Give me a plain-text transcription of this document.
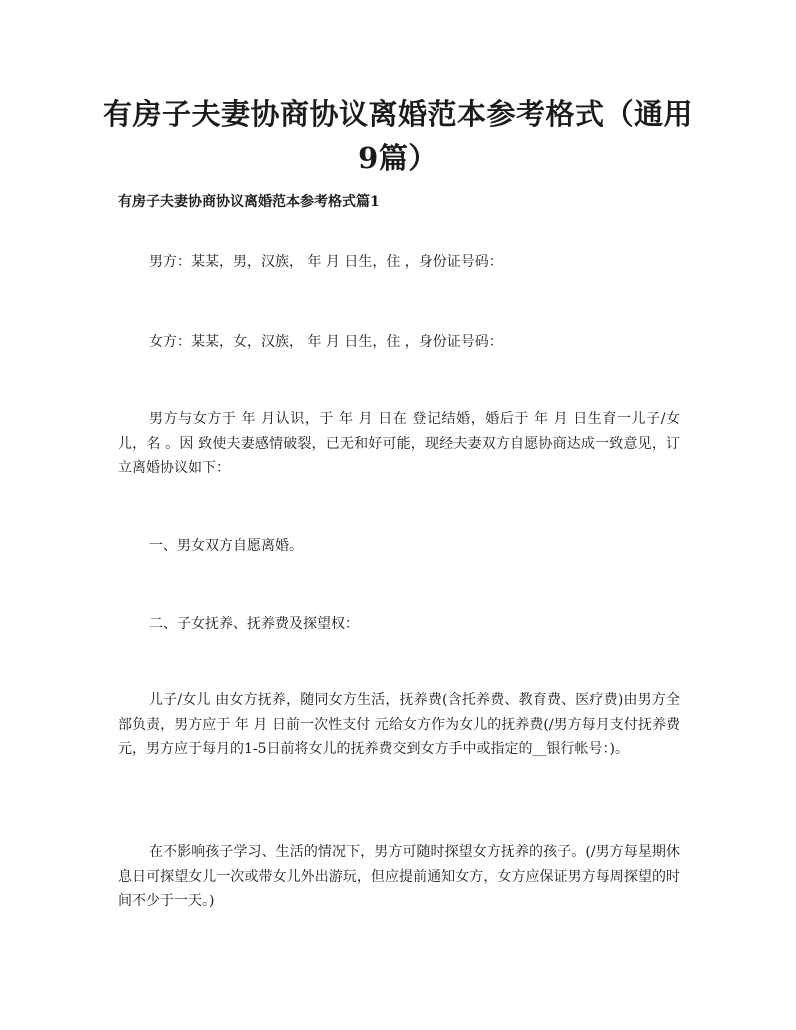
有房子夫妻协商协议离婚范本参考格式（通用9篇）
有房子夫妻协商协议离婚范本参考格式篇1

男方：某某，男，汉族， 年 月 日生，住 ，身份证号码：

女方：某某，女，汉族， 年 月 日生，住 ，身份证号码：

男方与女方于 年 月认识，于 年 月 日在 登记结婚，婚后于 年 月 日生育一儿子/女儿，名 。因 致使夫妻感情破裂，已无和好可能，现经夫妻双方自愿协商达成一致意见，订立离婚协议如下：

一、男女双方自愿离婚。

二、子女抚养、抚养费及探望权：

儿子/女儿 由女方抚养，随同女方生活，抚养费(含托养费、教育费、医疗费)由男方全部负责，男方应于 年 月 日前一次性支付 元给女方作为女儿的抚养费(/男方每月支付抚养费 元，男方应于每月的1-5日前将女儿的抚养费交到女方手中或指定的__银行帐号：)。

在不影响孩子学习、生活的情况下，男方可随时探望女方抚养的孩子。(/男方每星期休息日可探望女儿一次或带女儿外出游玩，但应提前通知女方，女方应保证男方每周探望的时间不少于一天。)
